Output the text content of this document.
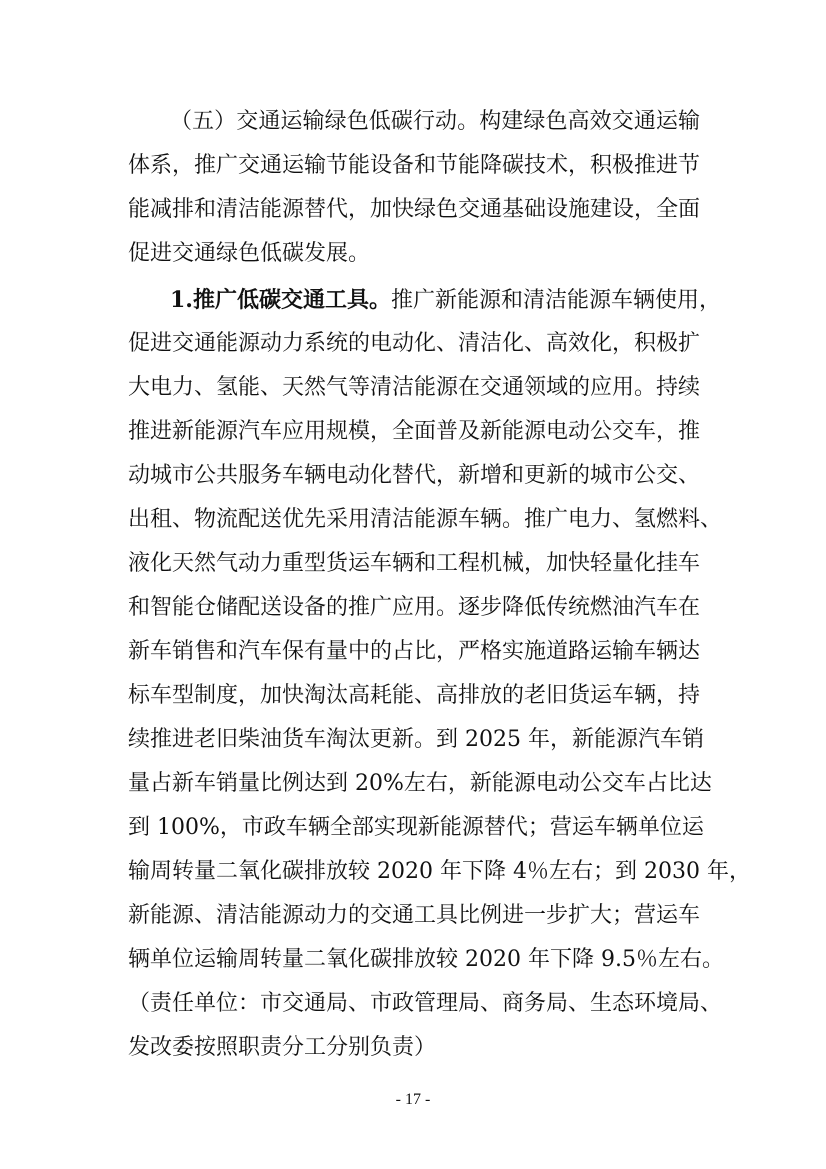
（五）交通运输绿色低碳行动。构建绿色高效交通运输
体系，推广交通运输节能设备和节能降碳技术，积极推进节
能减排和清洁能源替代，加快绿色交通基础设施建设，全面
促进交通绿色低碳发展。
1.推广低碳交通工具。推广新能源和清洁能源车辆使用，
促进交通能源动力系统的电动化、清洁化、高效化，积极扩
大电力、氢能、天然气等清洁能源在交通领域的应用。持续
推进新能源汽车应用规模，全面普及新能源电动公交车，推
动城市公共服务车辆电动化替代，新增和更新的城市公交、
出租、物流配送优先采用清洁能源车辆。推广电力、氢燃料、
液化天然气动力重型货运车辆和工程机械，加快轻量化挂车
和智能仓储配送设备的推广应用。逐步降低传统燃油汽车在
新车销售和汽车保有量中的占比，严格实施道路运输车辆达
标车型制度，加快淘汰高耗能、高排放的老旧货运车辆，持
续推进老旧柴油货车淘汰更新。到 2025 年，新能源汽车销
量占新车销量比例达到 20%左右，新能源电动公交车占比达
到 100%，市政车辆全部实现新能源替代；营运车辆单位运
输周转量二氧化碳排放较 2020 年下降 4％左右；到 2030 年，
新能源、清洁能源动力的交通工具比例进一步扩大；营运车
辆单位运输周转量二氧化碳排放较 2020 年下降 9.5％左右。
（责任单位：市交通局、市政管理局、商务局、生态环境局、
发改委按照职责分工分别负责）
- 17 -
